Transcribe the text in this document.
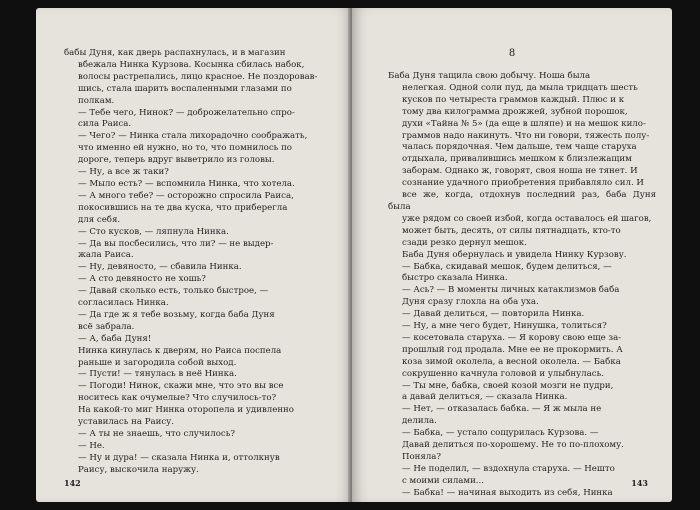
бабы Дуня, как дверь распахнулась, и в магазин

вбежала Нинка Курзова. Косынка сбилась набок,

волосы растрепались, лицо красное. Не поздоровав-

шись, стала шарить воспаленными глазами по

полкам.

— Тебе чего, Нинок? — доброжелательно спро-

сила Раиса.

— Чего? — Нинка стала лихорадочно соображать,

что именно ей нужно, но то, что помнилось по

дороге, теперь вдруг выветрило из головы.

— Ну, а все ж таки?

— Мыло есть? — вспомнила Нинка, что хотела.

— А много тебе? — осторожно спросила Раиса,

покосившись на те два куска, что приберегла

для себя.

— Сто кусков, — ляпнула Нинка.

— Да вы посбесились, что ли? — не выдер-

жала Раиса.

— Ну, девяносто, — сбавила Нинка.

— А сто девяносто не хошь?

— Давай сколько есть, только быстрое, —

согласилась Нинка.

— Да где ж я тебе возьму, когда баба Дуня

всё забрала.

— А, баба Дуня!

Нинка кинулась к дверям, но Раиса поспела

раньше и загородила собой выход.

— Пусти! — тянулась в неё Нинка.

— Погоди! Нинок, скажи мне, что это вы все

носитесь как очумелые? Что случилось-то?

На какой-то миг Нинка оторопела и удивленно

уставилась на Раису.

— А ты не знаешь, что случилось?

— Не.

— Ну и дура! — сказала Нинка и, оттолкнув

Раису, выскочила наружу.

142
8

Баба Дуня тащила свою добычу. Ноша была

нелегкая. Одной соли пуд, да мыла тридцать шесть

кусков по четыреста граммов каждый. Плюс и к

тому два килограмма дрожжей, зубной порошок,

духи «Тайна № 5» (да еще в шляпе) и на мешок кило-

граммов надо накинуть. Что ни говори, тяжесть полу-

чалась порядочная. Чем дальше, тем чаще старуха

отдыхала, привалившись мешком к близлежащим

заборам. Однако ж, говорят, своя ноша не тянет. И

сознание удачного приобретения прибавляло сил. И

все же, когда, отдохнув последний раз, баба Дуня была

уже рядом со своей избой, когда оставалось ей шагов,

может быть, десять, от силы пятнадцать, кто-то

сзади резко дернул мешок.

Баба Дуня обернулась и увидела Нинку Курзову.

— Бабка, скидавай мешок, будем делиться, —

быстро сказала Нинка.

— Ась? — В моменты личных катаклизмов баба

Дуня сразу глохла на оба уха.

— Давай делиться, — повторила Нинка.

— Ну, а мне чего будет, Нинушка, толиться?

— косетовала старуха. — Я корову свою еще за-

прошлый год продала. Мне ее не прокормить. А

коза зимой околела, а весной околела. — Бабка

сокрушенно качнула головой и улыбнулась.

— Ты мне, бабка, своей козой мозги не пудри,

а давай делиться, — сказала Нинка.

— Нет, — отказалась бабка. — Я ж мыла не

делила.

— Бабка, — устало сощурилась Курзова. —

Давай делиться по-хорошему. Не то по-плохому.

Поняла?

— Не поделил, — вздохнула старуха. — Нешто

с моими силами...

— Бабка! — начиная выходить из себя, Нинка

143
